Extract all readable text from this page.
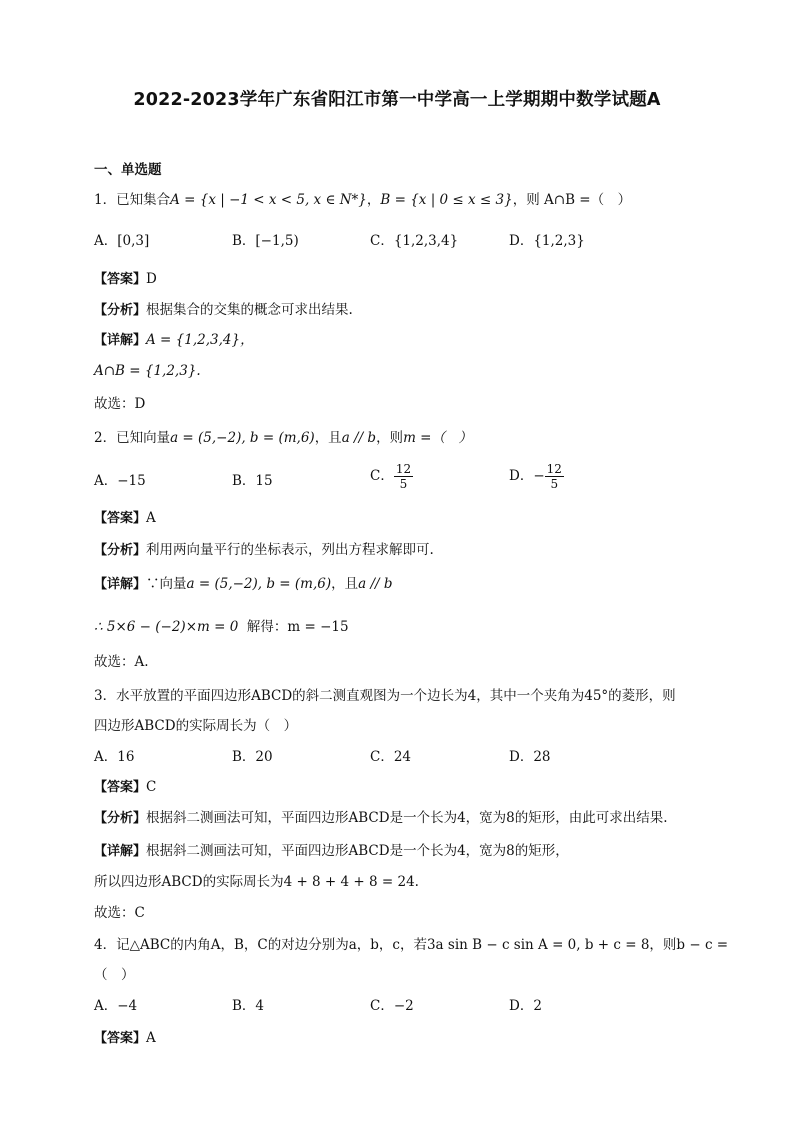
2022-2023学年广东省阳江市第一中学高一上学期期中数学试题A
一、单选题
1．已知集合A = {x | −1 < x < 5, x ∈ N*}，B = {x | 0 ≤ x ≤ 3}，则 A∩B =（　）
A．[0,3]	B．[−1,5)	C．{1,2,3,4}	D．{1,2,3}
【答案】D
【分析】根据集合的交集的概念可求出结果.
【详解】A = {1,2,3,4}，
A∩B = {1,2,3}.
故选：D
2．已知向量a = (5,−2), b = (m,6)，且a // b，则m =（　）
A．−15	B．15	C． $\frac{12}{5}$	D．− $\frac{12}{5}$
【答案】A
【分析】利用两向量平行的坐标表示，列出方程求解即可.
【详解】∵向量a = (5,−2), b = (m,6)，且a // b
∴ 5×6 − (−2)×m = 0 解得：m = −15
故选：A.
3．水平放置的平面四边形ABCD的斜二测直观图为一个边长为4，其中一个夹角为45°的菱形，则
四边形ABCD的实际周长为（　）
A．16	B．20	C．24	D．28
【答案】C
【分析】根据斜二测画法可知，平面四边形ABCD是一个长为4，宽为8的矩形，由此可求出结果.
【详解】根据斜二测画法可知，平面四边形ABCD是一个长为4，宽为8的矩形，
所以四边形ABCD的实际周长为4 + 8 + 4 + 8 = 24.
故选：C
4．记△ABC的内角A，B，C的对边分别为a，b，c，若3a sin B − c sin A = 0, b + c = 8，则b − c =
（　）
A．−4	B．4	C．−2	D．2
【答案】A
